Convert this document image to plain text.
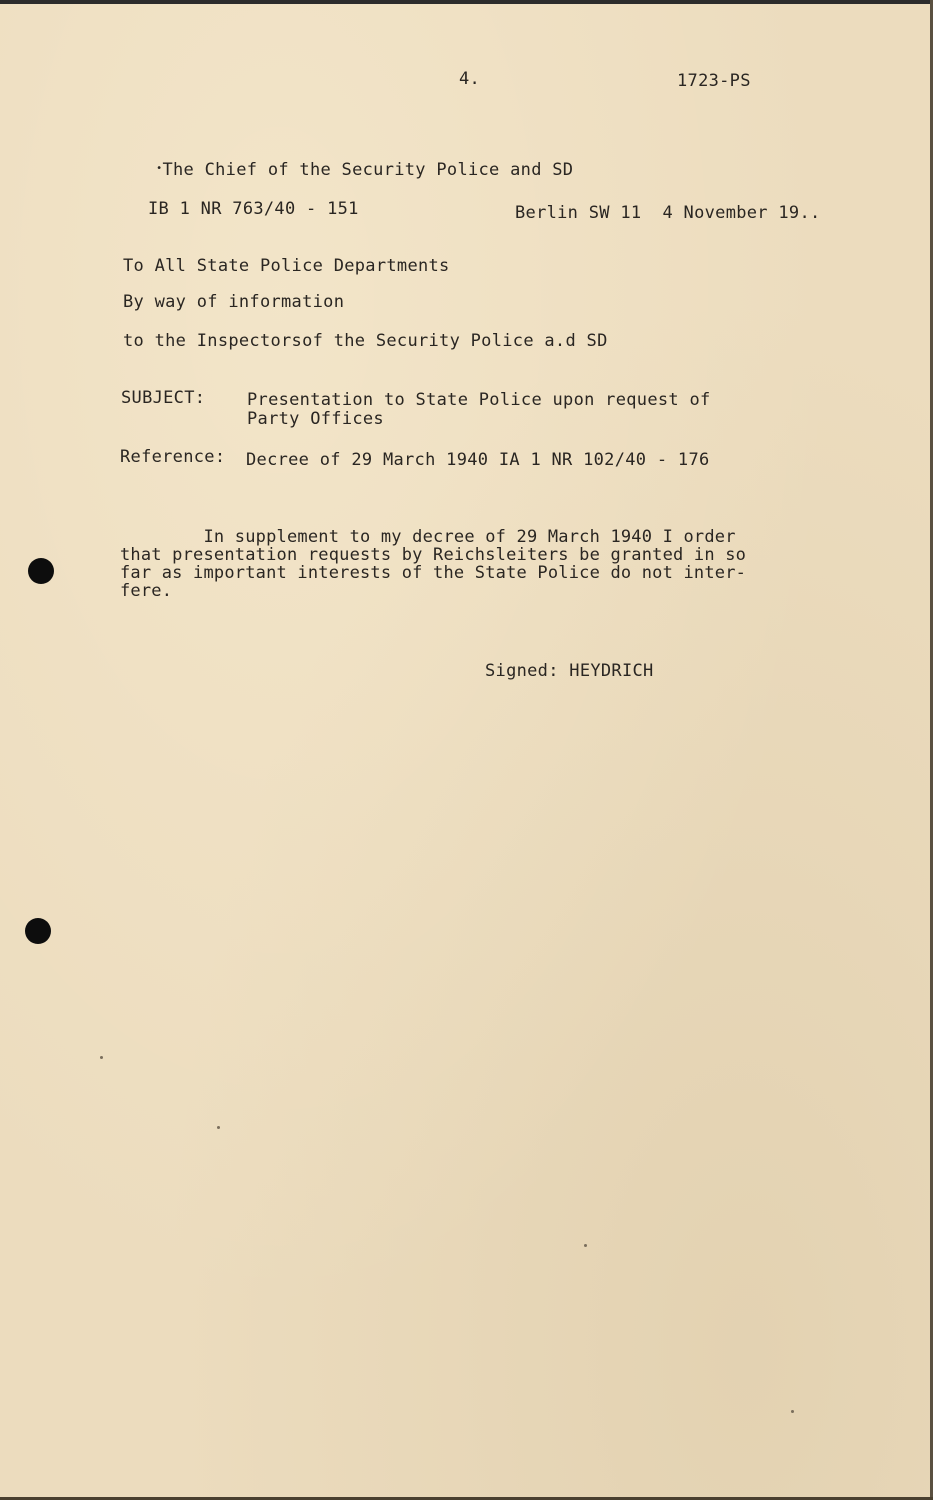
4.	1723-PS

•The Chief of the Security Police and SD

IB 1 NR 763/40 - 151	Berlin SW 11  4 November 19..
To All State Police Departments
By way of information
to the Inspectorsof the Security Police a.d SD
SUBJECT: Presentation to State Police upon request of
Party Offices
Reference: Decree of 29 March 1940 IA 1 NR 102/40 - 176
In supplement to my decree of 29 March 1940 I order
that presentation requests by Reichsleiters be granted in so
far as important interests of the State Police do not inter-
fere.
Signed: HEYDRICH
